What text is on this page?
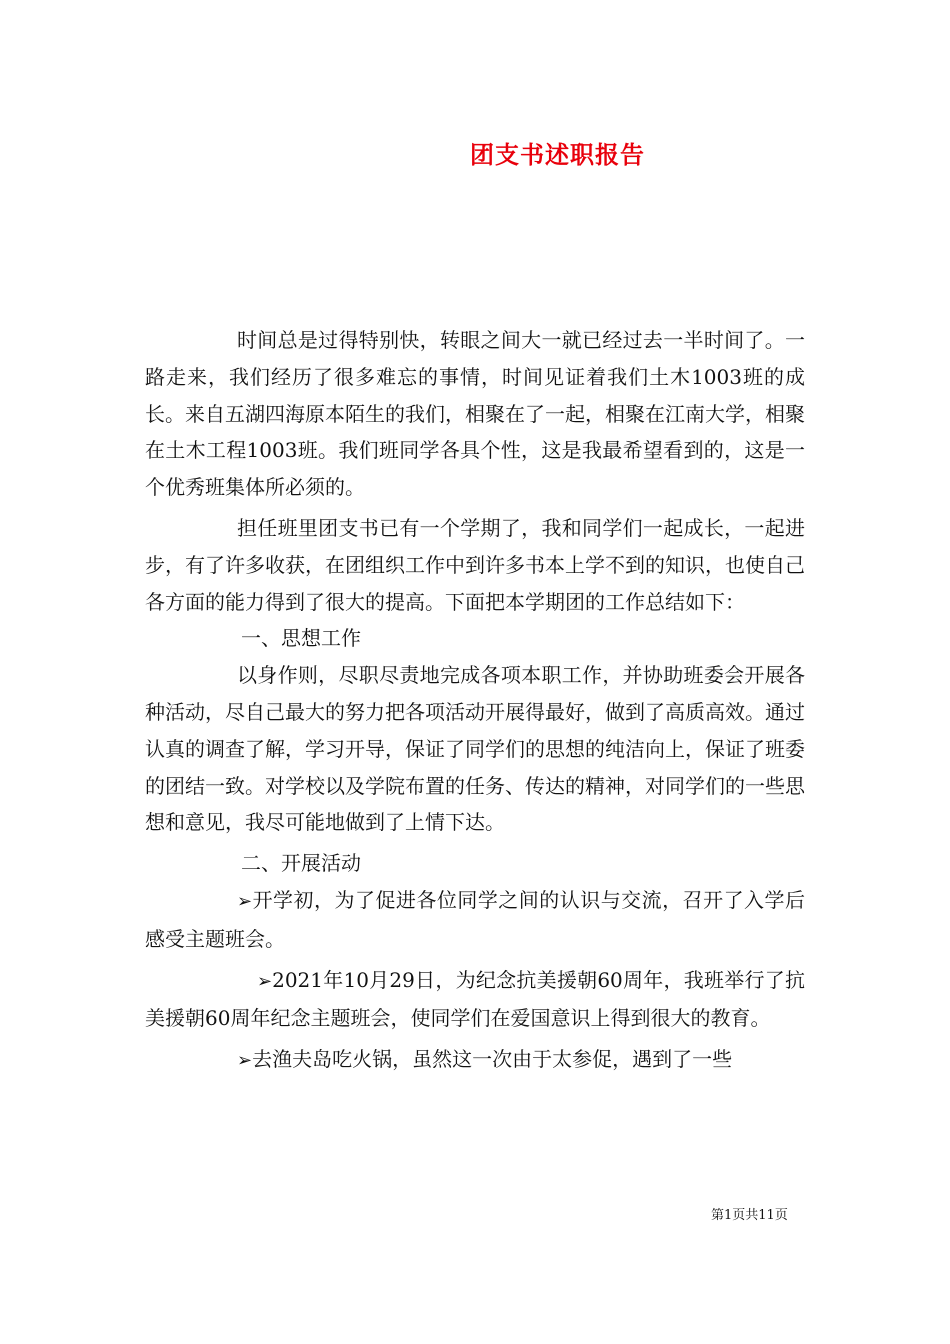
团支书述职报告

时间总是过得特别快，转眼之间大一就已经过去一半时间了。一路走来，我们经历了很多难忘的事情，时间见证着我们土木1003班的成长。来自五湖四海原本陌生的我们，相聚在了一起，相聚在江南大学，相聚在土木工程1003班。我们班同学各具个性，这是我最希望看到的，这是一个优秀班集体所必须的。

担任班里团支书已有一个学期了，我和同学们一起成长，一起进步，有了许多收获，在团组织工作中到许多书本上学不到的知识，也使自己各方面的能力得到了很大的提高。下面把本学期团的工作总结如下：

一、思想工作

以身作则，尽职尽责地完成各项本职工作，并协助班委会开展各种活动，尽自己最大的努力把各项活动开展得最好，做到了高质高效。通过认真的调查了解，学习开导，保证了同学们的思想的纯洁向上，保证了班委的团结一致。对学校以及学院布置的任务、传达的精神，对同学们的一些思想和意见，我尽可能地做到了上情下达。

二、开展活动

➢开学初，为了促进各位同学之间的认识与交流，召开了入学后感受主题班会。

➢2021年10月29日，为纪念抗美援朝60周年，我班举行了抗美援朝60周年纪念主题班会，使同学们在爱国意识上得到很大的教育。

➢去渔夫岛吃火锅，虽然这一次由于太参促，遇到了一些

第1页共11页
